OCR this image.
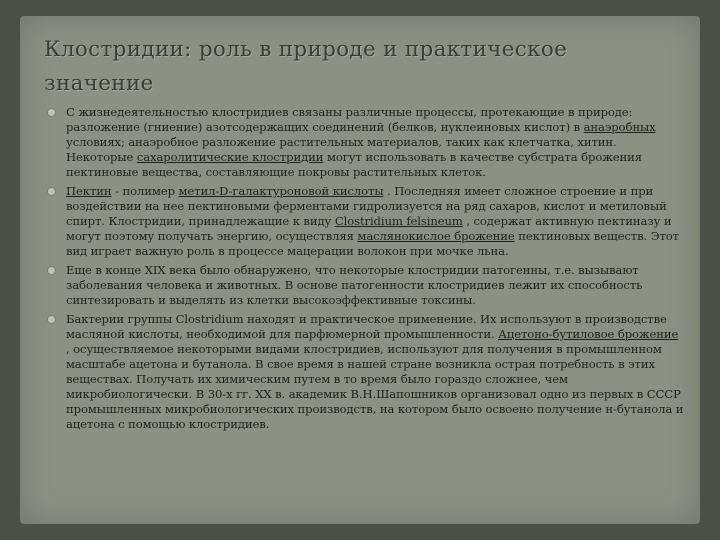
Клостридии: роль в природе и практическое значение
С жизнедеятельностью клостридиев связаны различные процессы, протекающие в природе: разложение (гниение) азотсодержащих соединений (белков, нуклеиновых кислот) в анаэробных условиях; анаэробное разложение растительных материалов, таких как клетчатка, хитин. Некоторые сахаролитические клостридии могут использовать в качестве субстрата брожения пектиновые вещества, составляющие покровы растительных клеток.
Пектин - полимер метил-D-галактуроновой кислоты . Последняя имеет сложное строение и при воздействии на нее пектиновыми ферментами гидролизуется на ряд сахаров, кислот и метиловый спирт. Клостридии, принадлежащие к виду Clostridium felsineum , содержат активную пектиназу и могут поэтому получать энергию, осуществляя маслянокислое брожение пектиновых веществ. Этот вид играет важную роль в процессе мацерации волокон при мочке льна.
Еще в конце XIX века было обнаружено, что некоторые клостридии патогенны, т.е. вызывают заболевания человека и животных. В основе патогенности клостридиев лежит их способность синтезировать и выделять из клетки высокоэффективные токсины.
Бактерии группы Clostridium находят и практическое применение. Их используют в производстве масляной кислоты, необходимой для парфюмерной промышленности. Ацетоно-бутиловое брожение , осуществляемое некоторыми видами клостридиев, используют для получения в промышленном масштабе ацетона и бутанола. В свое время в нашей стране возникла острая потребность в этих веществах. Получать их химическим путем в то время было гораздо сложнее, чем микробиологически. В 30-х гг. XX в. академик В.Н.Шапошников организовал одно из первых в СССР промышленных микробиологических производств, на котором было освоено получение н-бутанола и ацетона с помощью клостридиев.
